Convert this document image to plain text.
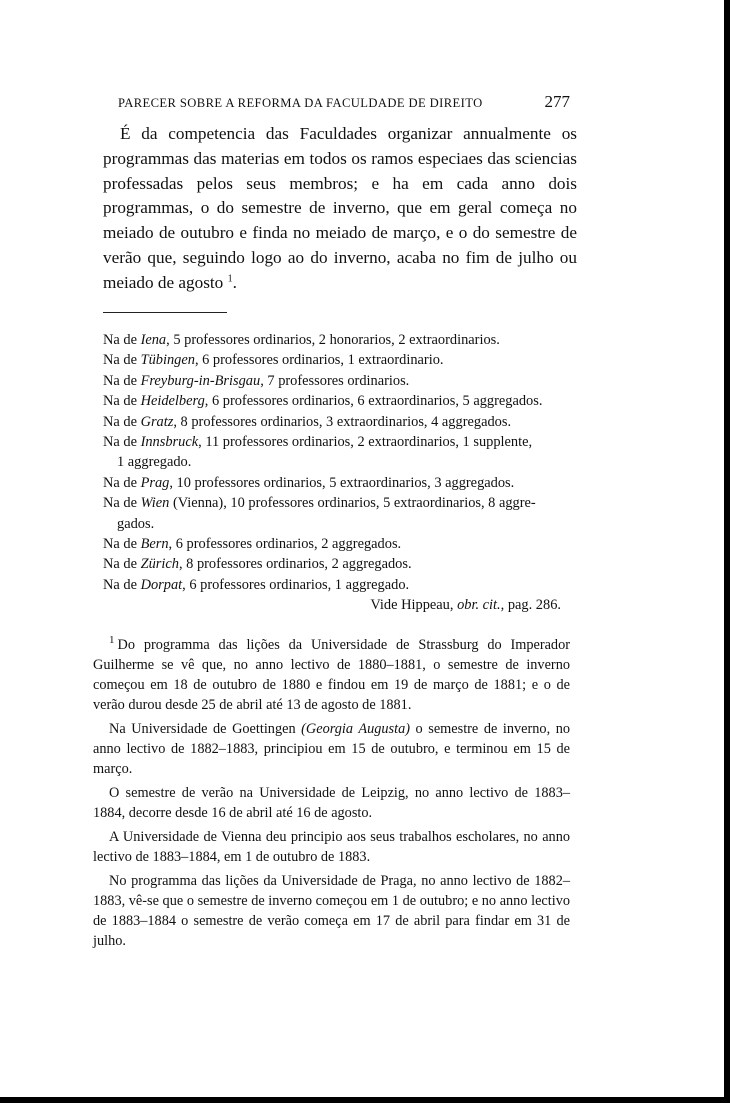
PARECER SOBRE A REFORMA DA FACULDADE DE DIREITO	277

É da competencia das Faculdades organizar annualmente os programmas das materias em todos os ramos especiaes das sciencias professadas pelos seus membros; e ha em cada anno dois programmas, o do semestre de inverno, que em geral começa no meiado de outubro e finda no meiado de março, e o do semestre de verão que, seguindo logo ao do inverno, acaba no fim de julho ou meiado de agosto $^1$.

Na de Iena, 5 professores ordinarios, 2 honorarios, 2 extraordinarios.
Na de Tübingen, 6 professores ordinarios, 1 extraordinario.
Na de Freyburg-in-Brisgau, 7 professores ordinarios.
Na de Heidelberg, 6 professores ordinarios, 6 extraordinarios, 5 aggregados.
Na de Gratz, 8 professores ordinarios, 3 extraordinarios, 4 aggregados.
Na de Innsbruck, 11 professores ordinarios, 2 extraordinarios, 1 supplente,
1 aggregado.
Na de Prag, 10 professores ordinarios, 5 extraordinarios, 3 aggregados.
Na de Wien (Vienna), 10 professores ordinarios, 5 extraordinarios, 8 aggre-
gados.
Na de Bern, 6 professores ordinarios, 2 aggregados.
Na de Zürich, 8 professores ordinarios, 2 aggregados.
Na de Dorpat, 6 professores ordinarios, 1 aggregado.
Vide Hippeau, obr. cit., pag. 286.

$^1$ Do programma das lições da Universidade de Strassburg do Imperador Guilherme se vê que, no anno lectivo de 1880–1881, o semestre de inverno começou em 18 de outubro de 1880 e findou em 19 de março de 1881; e o de verão durou desde 25 de abril até 13 de agosto de 1881.

Na Universidade de Goettingen (Georgia Augusta) o semestre de inverno, no anno lectivo de 1882–1883, principiou em 15 de outubro, e terminou em 15 de março.

O semestre de verão na Universidade de Leipzig, no anno lectivo de 1883–1884, decorre desde 16 de abril até 16 de agosto.

A Universidade de Vienna deu principio aos seus trabalhos escholares, no anno lectivo de 1883–1884, em 1 de outubro de 1883.

No programma das lições da Universidade de Praga, no anno lectivo de 1882–1883, vê-se que o semestre de inverno começou em 1 de outubro; e no anno lectivo de 1883–1884 o semestre de verão começa em 17 de abril para findar em 31 de julho.
